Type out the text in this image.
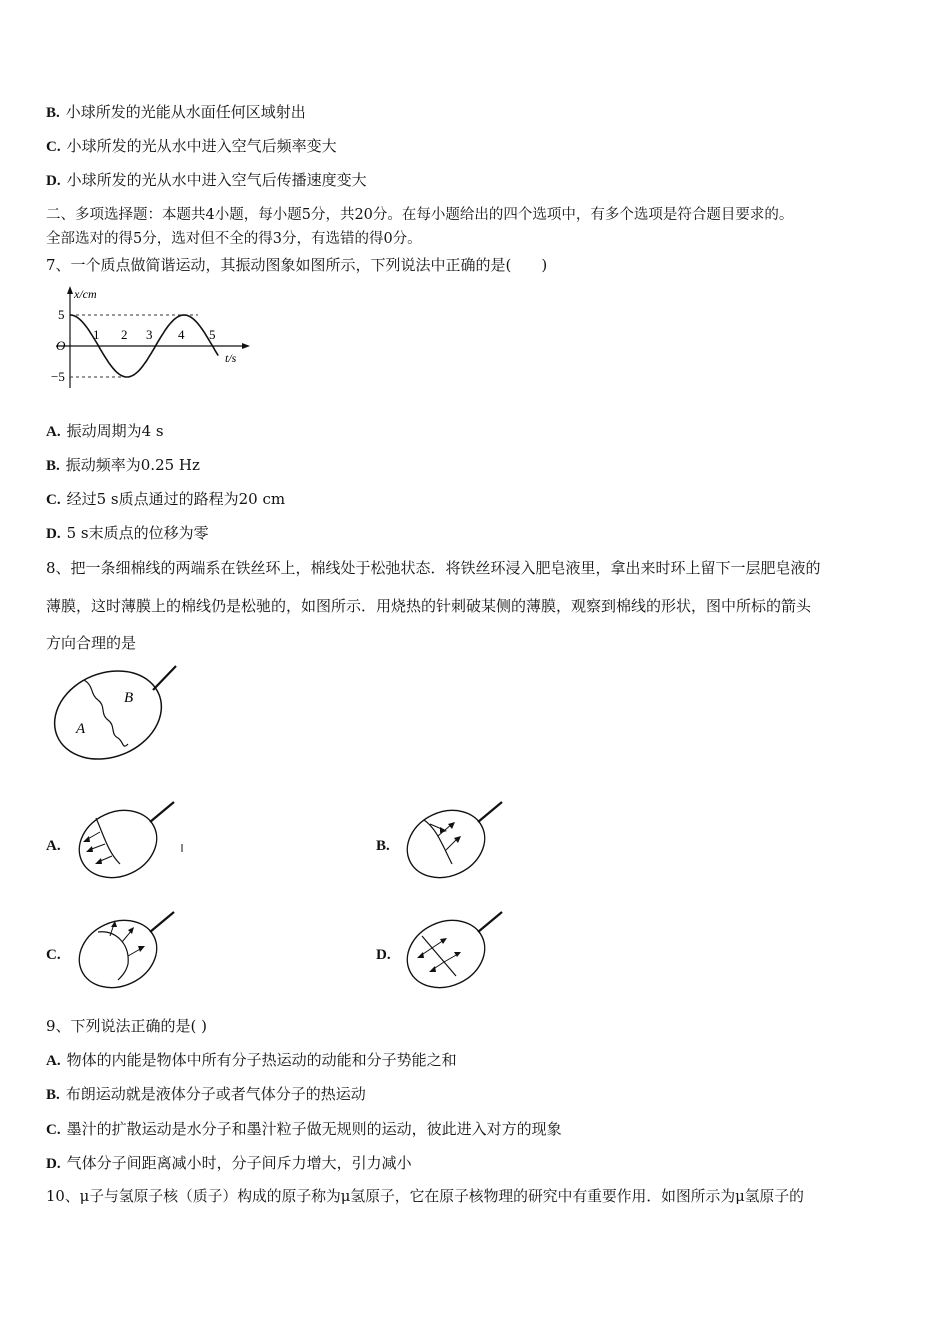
B. 小球所发的光能从水面任何区域射出
C. 小球所发的光从水中进入空气后频率变大
D. 小球所发的光从水中进入空气后传播速度变大
二、多项选择题：本题共4小题，每小题5分，共20分。在每小题给出的四个选项中，有多个选项是符合题目要求的。
全部选对的得5分，选对但不全的得3分，有选错的得0分。
7、一个质点做简谐运动，其振动图象如图所示，下列说法中正确的是(　　)
x/cm
t/s
O
5
−5
1 2 3 4 5
A. 振动周期为4 s
B. 振动频率为0.25 Hz
C. 经过5 s质点通过的路程为20 cm
D. 5 s末质点的位移为零
8、把一条细棉线的两端系在铁丝环上，棉线处于松弛状态．将铁丝环浸入肥皂液里，拿出来时环上留下一层肥皂液的
薄膜，这时薄膜上的棉线仍是松驰的，如图所示．用烧热的针刺破某侧的薄膜，观察到棉线的形状，图中所标的箭头
方向合理的是
A
B
A.	B.
C.	D.
9、下列说法正确的是( )
A. 物体的内能是物体中所有分子热运动的动能和分子势能之和
B. 布朗运动就是液体分子或者气体分子的热运动
C. 墨汁的扩散运动是水分子和墨汁粒子做无规则的运动，彼此进入对方的现象
D. 气体分子间距离减小时，分子间斥力增大，引力减小
10、μ子与氢原子核（质子）构成的原子称为μ氢原子，它在原子核物理的研究中有重要作用．如图所示为μ氢原子的
